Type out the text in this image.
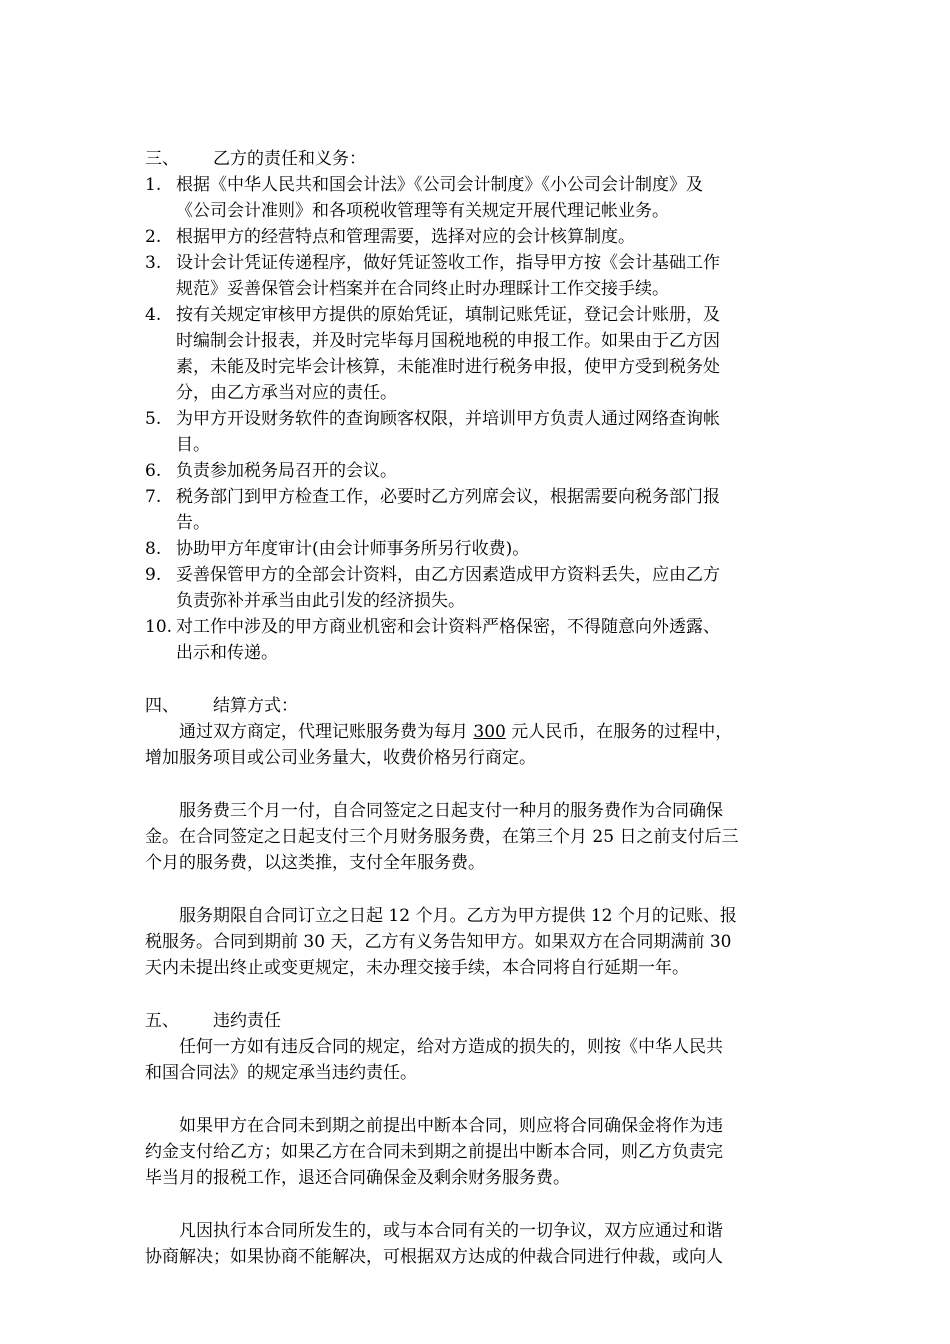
三、	乙方的责任和义务：
1. 根据《中华人民共和国会计法》《公司会计制度》《小公司会计制度》及
《公司会计准则》和各项税收管理等有关规定开展代理记帐业务。
2. 根据甲方的经营特点和管理需要，选择对应的会计核算制度。
3. 设计会计凭证传递程序，做好凭证签收工作，指导甲方按《会计基础工作
规范》妥善保管会计档案并在合同终止时办理睬计工作交接手续。
4. 按有关规定审核甲方提供的原始凭证，填制记账凭证，登记会计账册，及
时编制会计报表，并及时完毕每月国税地税的申报工作。如果由于乙方因
素，未能及时完毕会计核算，未能准时进行税务申报，使甲方受到税务处
分，由乙方承当对应的责任。
5. 为甲方开设财务软件的查询顾客权限，并培训甲方负责人通过网络查询帐
目。
6. 负责参加税务局召开的会议。
7. 税务部门到甲方检查工作，必要时乙方列席会议，根据需要向税务部门报
告。
8. 协助甲方年度审计(由会计师事务所另行收费)。
9. 妥善保管甲方的全部会计资料，由乙方因素造成甲方资料丢失，应由乙方
负责弥补并承当由此引发的经济损失。
10. 对工作中涉及的甲方商业机密和会计资料严格保密，不得随意向外透露、
出示和传递。
四、	结算方式：
通过双方商定，代理记账服务费为每月 300 元人民币，在服务的过程中，
增加服务项目或公司业务量大，收费价格另行商定。
服务费三个月一付，自合同签定之日起支付一种月的服务费作为合同确保
金。在合同签定之日起支付三个月财务服务费，在第三个月 25 日之前支付后三
个月的服务费，以这类推，支付全年服务费。
服务期限自合同订立之日起 12 个月。乙方为甲方提供 12 个月的记账、报
税服务。合同到期前 30 天，乙方有义务告知甲方。如果双方在合同期满前 30
天内未提出终止或变更规定，未办理交接手续，本合同将自行延期一年。
五、	违约责任
任何一方如有违反合同的规定，给对方造成的损失的，则按《中华人民共
和国合同法》的规定承当违约责任。
如果甲方在合同未到期之前提出中断本合同，则应将合同确保金将作为违
约金支付给乙方；如果乙方在合同未到期之前提出中断本合同，则乙方负责完
毕当月的报税工作，退还合同确保金及剩余财务服务费。
凡因执行本合同所发生的，或与本合同有关的一切争议，双方应通过和谐
协商解决；如果协商不能解决，可根据双方达成的仲裁合同进行仲裁，或向人
